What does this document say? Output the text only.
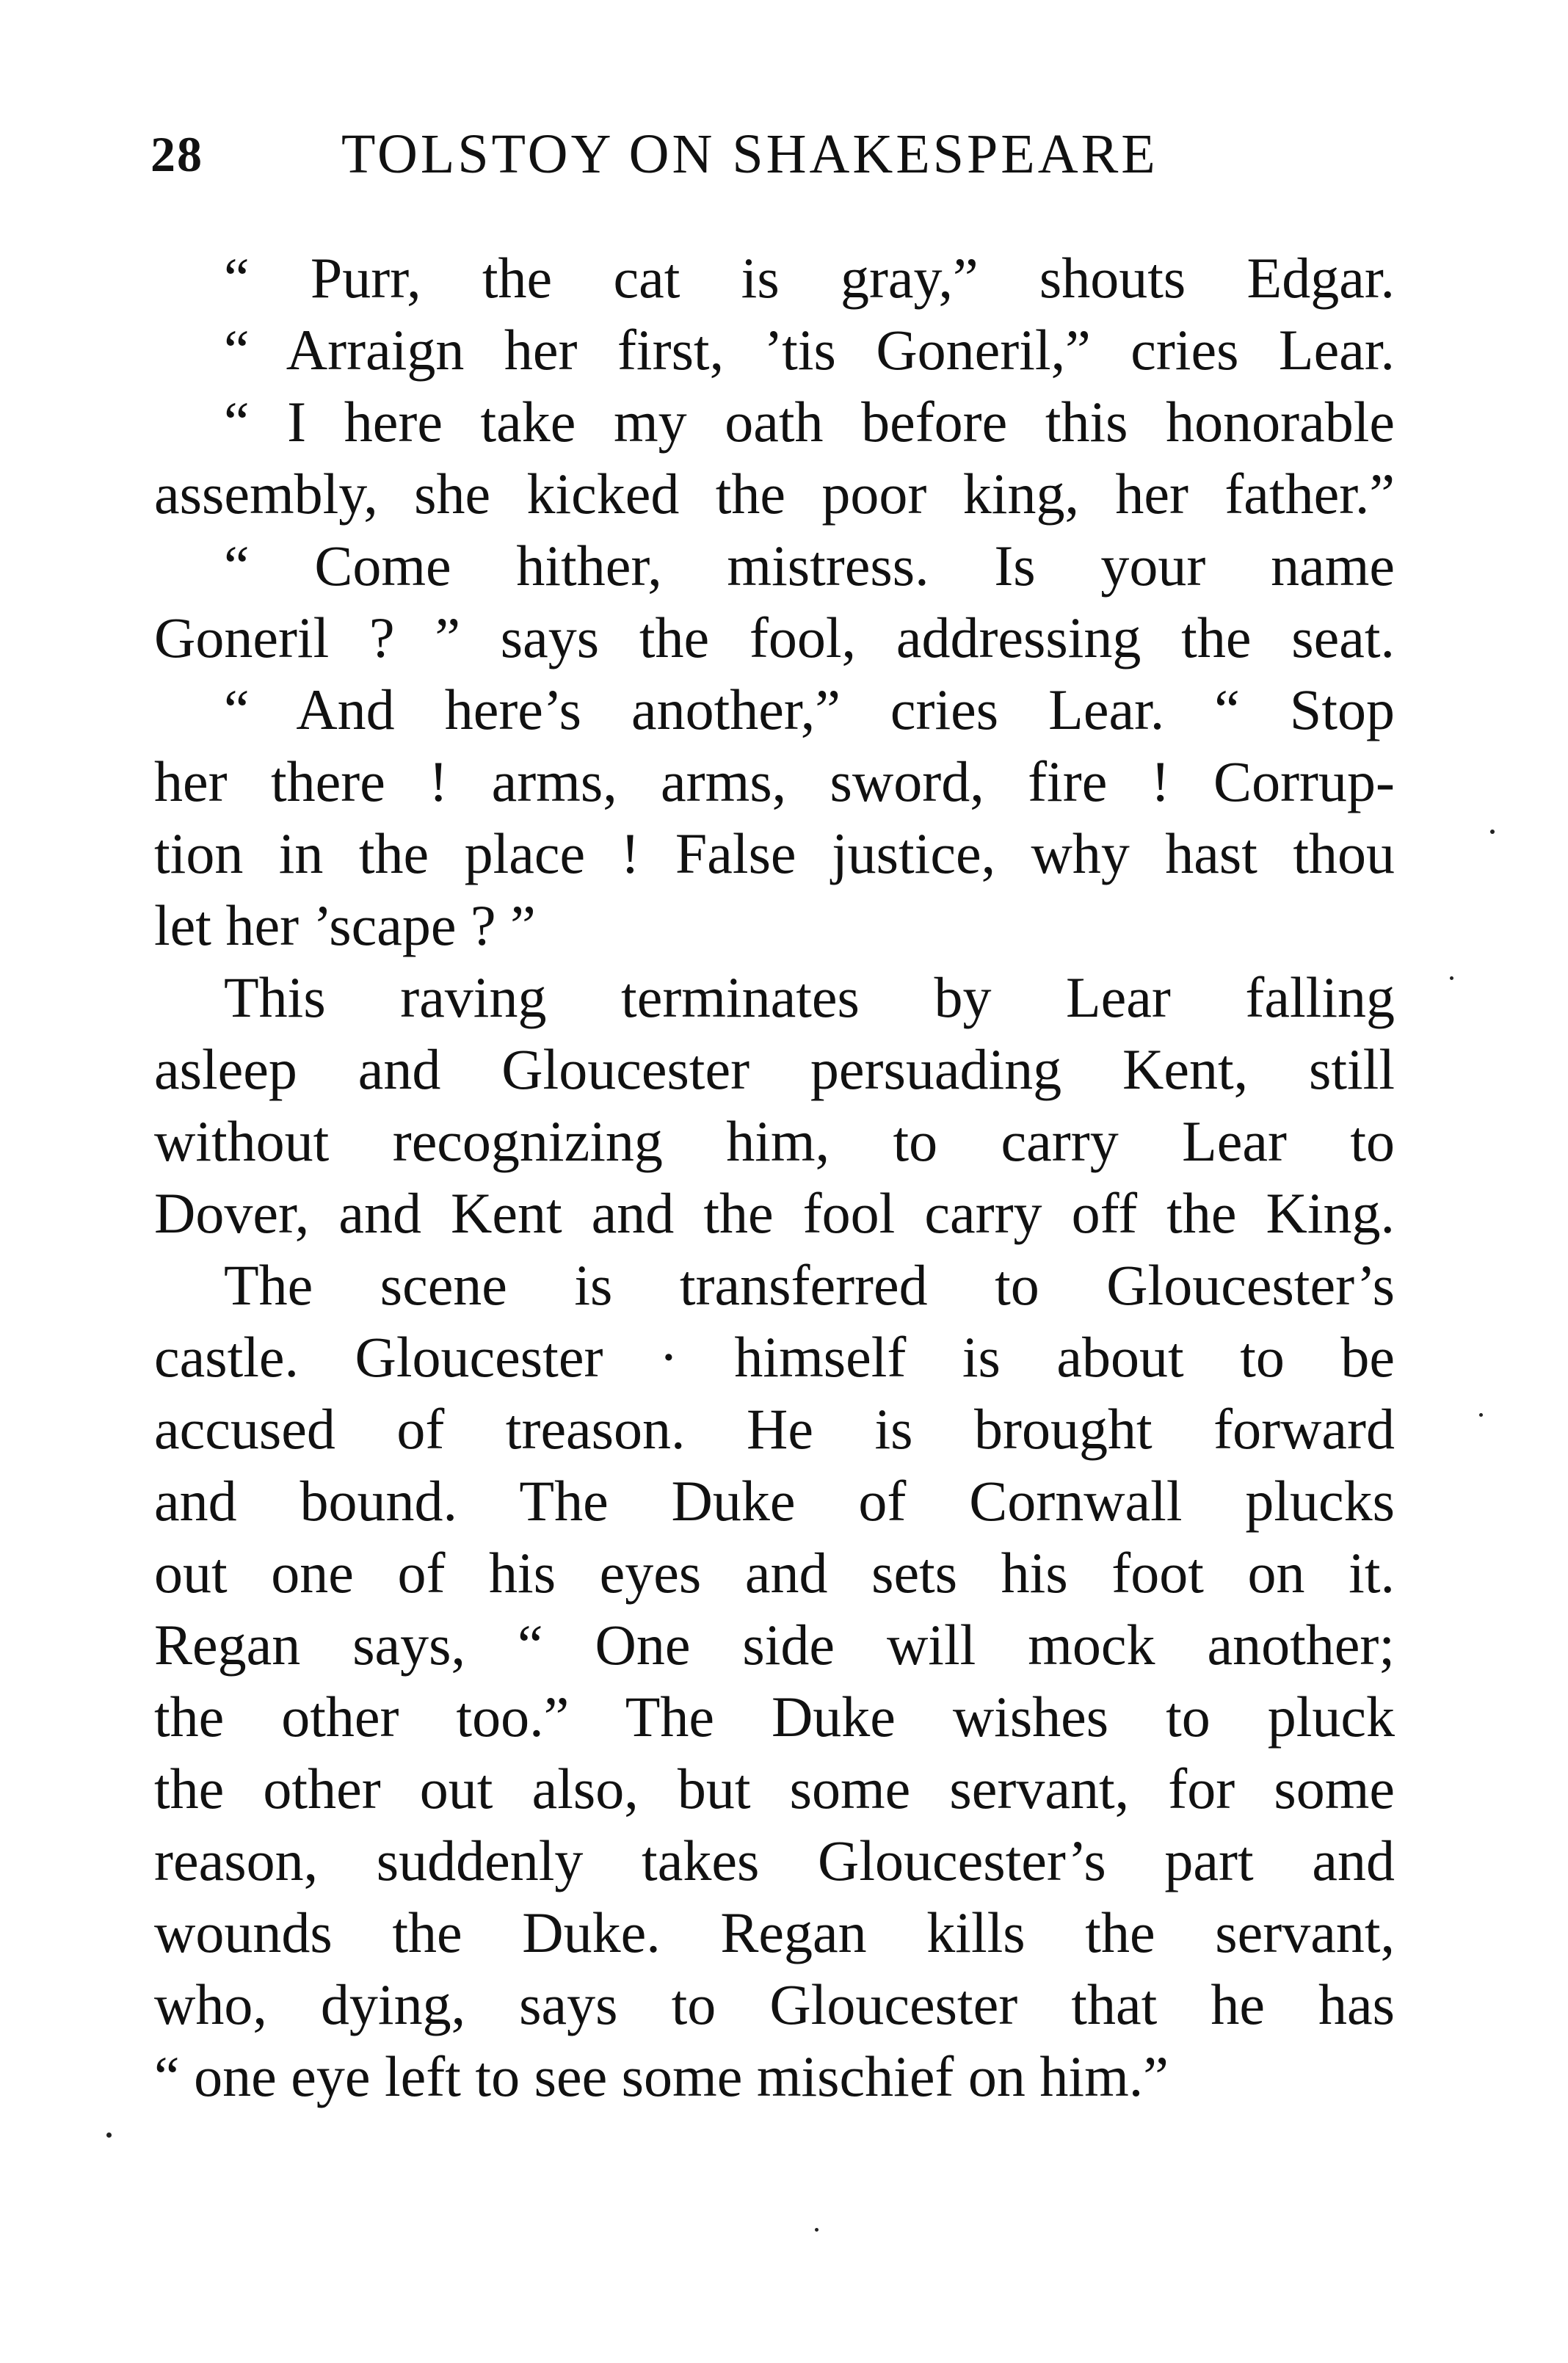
28 TOLSTOY ON SHAKESPEARE
“ Purr, the cat is gray,” shouts Edgar.
“ Arraign her first, ’tis Goneril,” cries Lear.
“ I here take my oath before this honorable
assembly, she kicked the poor king, her father.”
“ Come hither, mistress. Is your name
Goneril ? ” says the fool, addressing the seat.
“ And here’s another,” cries Lear. “ Stop
her there ! arms, arms, sword, fire ! Corrup-
tion in the place ! False justice, why hast thou
let her ’scape ? ”
This raving terminates by Lear falling
asleep and Gloucester persuading Kent, still
without recognizing him, to carry Lear to
Dover, and Kent and the fool carry off the King.
The scene is transferred to Gloucester’s
castle. Gloucester · himself is about to be
accused of treason. He is brought forward
and bound. The Duke of Cornwall plucks
out one of his eyes and sets his foot on it.
Regan says, “ One side will mock another;
the other too.” The Duke wishes to pluck
the other out also, but some servant, for some
reason, suddenly takes Gloucester’s part and
wounds the Duke. Regan kills the servant,
who, dying, says to Gloucester that he has
“ one eye left to see some mischief on him.”
